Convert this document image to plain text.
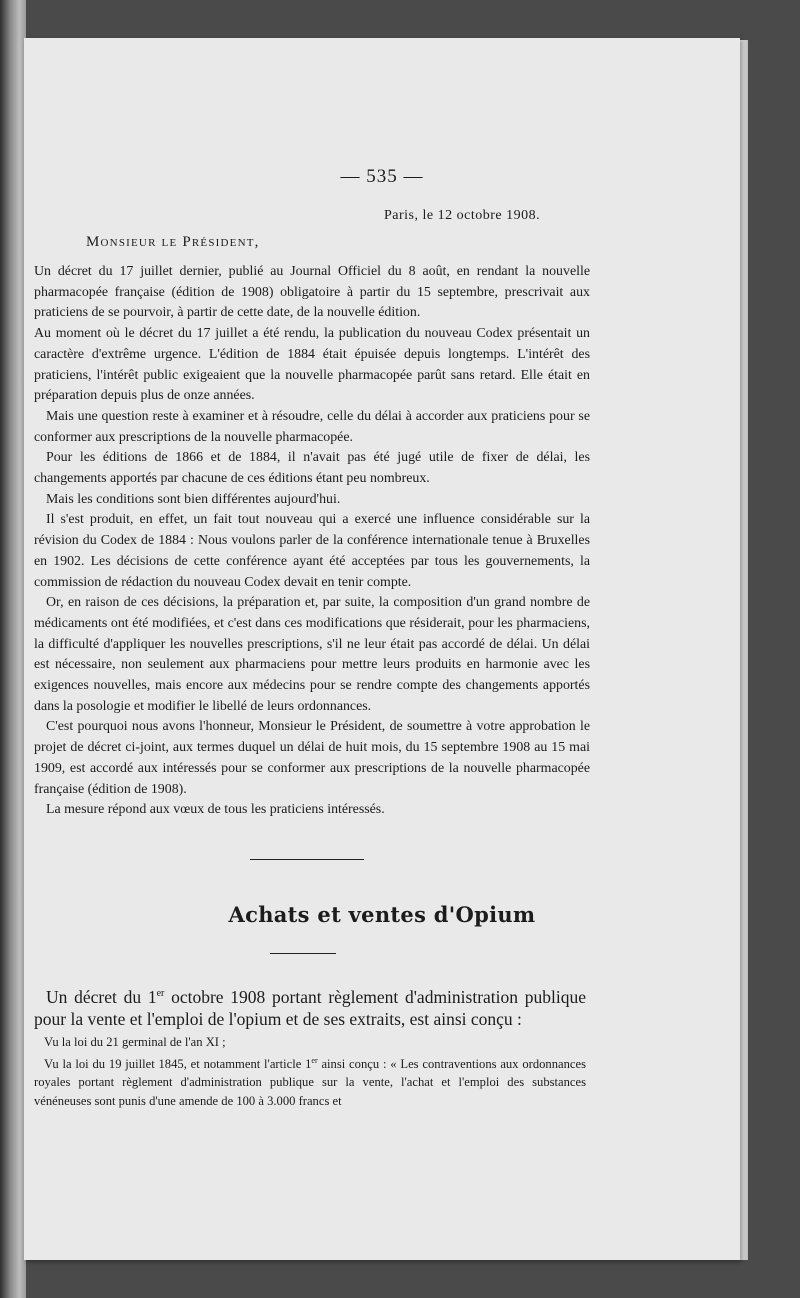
— 535 —
Paris, le 12 octobre 1908.
Monsieur le Président,

Un décret du 17 juillet dernier, publié au Journal Officiel du 8 août, en rendant la nouvelle pharmacopée française (édition de 1908) obligatoire à partir du 15 septembre, prescrivait aux praticiens de se pourvoir, à partir de cette date, de la nouvelle édition.

Au moment où le décret du 17 juillet a été rendu, la publication du nouveau Codex présentait un caractère d'extrême urgence. L'édition de 1884 était épuisée depuis longtemps. L'intérêt des praticiens, l'intérêt public exigeaient que la nouvelle pharmacopée parût sans retard. Elle était en préparation depuis plus de onze années.

Mais une question reste à examiner et à résoudre, celle du délai à accorder aux praticiens pour se conformer aux prescriptions de la nouvelle pharmacopée.

Pour les éditions de 1866 et de 1884, il n'avait pas été jugé utile de fixer de délai, les changements apportés par chacune de ces éditions étant peu nombreux.

Mais les conditions sont bien différentes aujourd'hui.

Il s'est produit, en effet, un fait tout nouveau qui a exercé une influence considérable sur la révision du Codex de 1884 : Nous voulons parler de la conférence internationale tenue à Bruxelles en 1902. Les décisions de cette conférence ayant été acceptées par tous les gouvernements, la commission de rédaction du nouveau Codex devait en tenir compte.

Or, en raison de ces décisions, la préparation et, par suite, la composition d'un grand nombre de médicaments ont été modifiées, et c'est dans ces modifications que résiderait, pour les pharmaciens, la difficulté d'appliquer les nouvelles prescriptions, s'il ne leur était pas accordé de délai. Un délai est nécessaire, non seulement aux pharmaciens pour mettre leurs produits en harmonie avec les exigences nouvelles, mais encore aux médecins pour se rendre compte des changements apportés dans la posologie et modifier le libellé de leurs ordonnances.

C'est pourquoi nous avons l'honneur, Monsieur le Président, de soumettre à votre approbation le projet de décret ci-joint, aux termes duquel un délai de huit mois, du 15 septembre 1908 au 15 mai 1909, est accordé aux intéressés pour se conformer aux prescriptions de la nouvelle pharmacopée française (édition de 1908).

La mesure répond aux vœux de tous les praticiens intéressés.

Achats et ventes d'Opium

Un décret du 1er octobre 1908 portant règlement d'administration publique pour la vente et l'emploi de l'opium et de ses extraits, est ainsi conçu :

Vu la loi du 21 germinal de l'an XI ;

Vu la loi du 19 juillet 1845, et notamment l'article 1er ainsi conçu : « Les contraventions aux ordonnances royales portant règlement d'administration publique sur la vente, l'achat et l'emploi des substances vénéneuses sont punis d'une amende de 100 à 3.000 francs et
